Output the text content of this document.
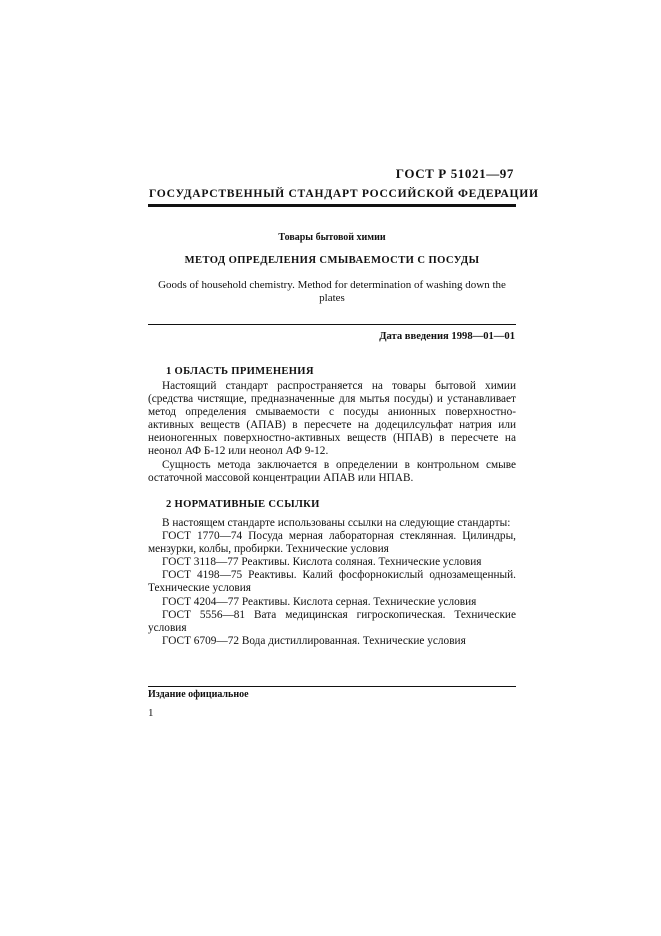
ГОСТ Р 51021—97
ГОСУДАРСТВЕННЫЙ СТАНДАРТ РОССИЙСКОЙ ФЕДЕРАЦИИ
Товары бытовой химии
МЕТОД ОПРЕДЕЛЕНИЯ СМЫВАЕМОСТИ С ПОСУДЫ
Goods of household chemistry. Method for determination of washing down the plates
Дата введения 1998—01—01
1 ОБЛАСТЬ ПРИМЕНЕНИЯ

Настоящий стандарт распространяется на товары бытовой химии (средства чистящие, предназначенные для мытья посуды) и устанавливает метод определения смываемости с посуды анионных поверхностно-активных веществ (АПАВ) в пересчете на додецилсульфат натрия или неионогенных поверхностно-активных веществ (НПАВ) в пересчете на неонол АФ Б-12 или неонол АФ 9-12.

Сущность метода заключается в определении в контрольном смыве остаточной массовой концентрации АПАВ или НПАВ.

2 НОРМАТИВНЫЕ ССЫЛКИ

В настоящем стандарте использованы ссылки на следующие стандарты:

ГОСТ 1770—74 Посуда мерная лабораторная стеклянная. Цилиндры, мензурки, колбы, пробирки. Технические условия

ГОСТ 3118—77 Реактивы. Кислота соляная. Технические условия

ГОСТ 4198—75 Реактивы. Калий фосфорнокислый однозамещенный. Технические условия

ГОСТ 4204—77 Реактивы. Кислота серная. Технические условия

ГОСТ 5556—81 Вата медицинская гигроскопическая. Технические условия

ГОСТ 6709—72 Вода дистиллированная. Технические условия

Издание официальное
1
